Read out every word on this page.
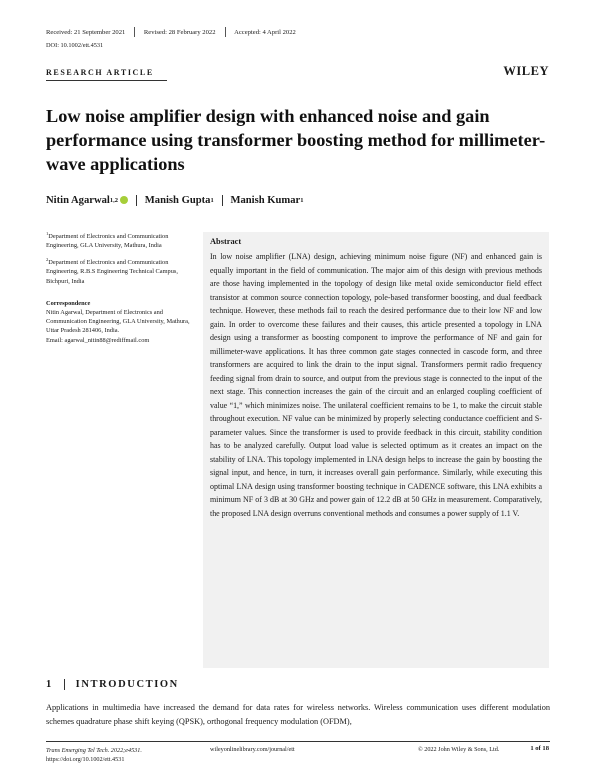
Received: 21 September 2021	Revised: 28 February 2022	Accepted: 4 April 2022
DOI: 10.1002/ett.4531
RESEARCH ARTICLE	WILEY
Low noise amplifier design with enhanced noise and gain performance using transformer boosting method for millimeter-wave applications
Nitin Agarwal 1,2	Manish Gupta 1 Manish Kumar 1
$^1$Department of Electronics and Communication Engineering, GLA University, Mathura, India
$^2$Department of Electronics and Communication Engineering, R.B.S Engineering Technical Campus, Bichpuri, India
Correspondence
Nitin Agarwal, Department of Electronics and Communication Engineering, GLA University, Mathura, Uttar Pradesh 281406, India.
Email: agarwal_nitin88@rediffmail.com
Abstract
In low noise amplifier (LNA) design, achieving minimum noise figure (NF) and enhanced gain is equally important in the field of communication. The major aim of this design with previous methods are those having implemented in the topology of design like metal oxide semiconductor field effect transistor at common source connection topology, pole-based transformer boosting, and dual feedback technique. However, these methods fail to reach the desired performance due to their low NF and low gain. In order to overcome these failures and their causes, this article presented a topology in LNA design using a transformer as boosting component to improve the performance of NF and gain for millimeter-wave applications. It has three common gate stages connected in cascode form, and three transformers are acquired to link the drain to the input signal. Transformers permit radio frequency feeding signal from drain to source, and output from the previous stage is connected to the input of the next stage. This connection increases the gain of the circuit and an enlarged coupling coefficient of value “1,” which minimizes noise. The unilateral coefficient remains to be 1, to make the circuit stable throughout execution. NF value can be minimized by properly selecting conductance coefficient and S-parameter values. Since the transformer is used to provide feedback in this circuit, stability condition has to be analyzed carefully. Output load value is selected optimum as it creates an impact on the stability of LNA. This topology implemented in LNA design helps to increase the gain by boosting the signal input, and hence, in turn, it increases overall gain performance. Similarly, while executing this optimal LNA design using transformer boosting technique in CADENCE software, this LNA exhibits a minimum NF of 3 dB at 30 GHz and power gain of 12.2 dB at 50 GHz in measurement. Comparatively, the proposed LNA design overruns conventional methods and consumes a power supply of 1.1 V.
1 INTRODUCTION
Applications in multimedia have increased the demand for data rates for wireless networks. Wireless communication uses different modulation schemes quadrature phase shift keying (QPSK), orthogonal frequency modulation (OFDM),
Trans Emerging Tel Tech. 2022;e4531.
https://doi.org/10.1002/ett.4531
wileyonlinelibrary.com/journal/ett	© 2022 John Wiley & Sons, Ltd.	1 of 18
